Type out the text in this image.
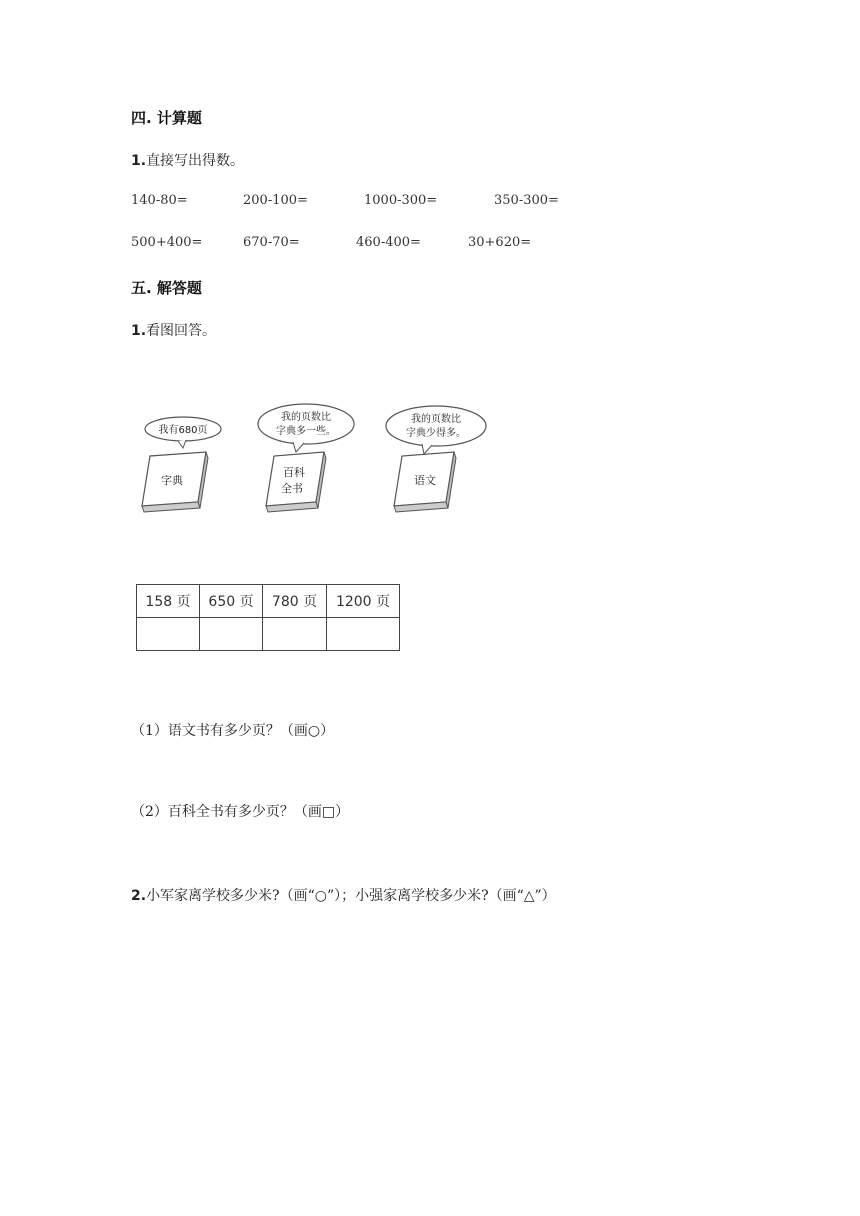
四. 计算题
1.直接写出得数。
140-80=	200-100=	1000-300=	350-300=
500+400=	670-70=	460-400=	30+620=
五. 解答题
1.看图回答。
字典
我有680页
百科
全书
我的页数比
字典多一些。
语文
我的页数比
字典少得多。
158 页	650 页	780 页	1200 页

（1）语文书有多少页？（画○）
（2）百科全书有多少页？（画□）
2.小军家离学校多少米?（画“○”）；小强家离学校多少米?（画“△”）
